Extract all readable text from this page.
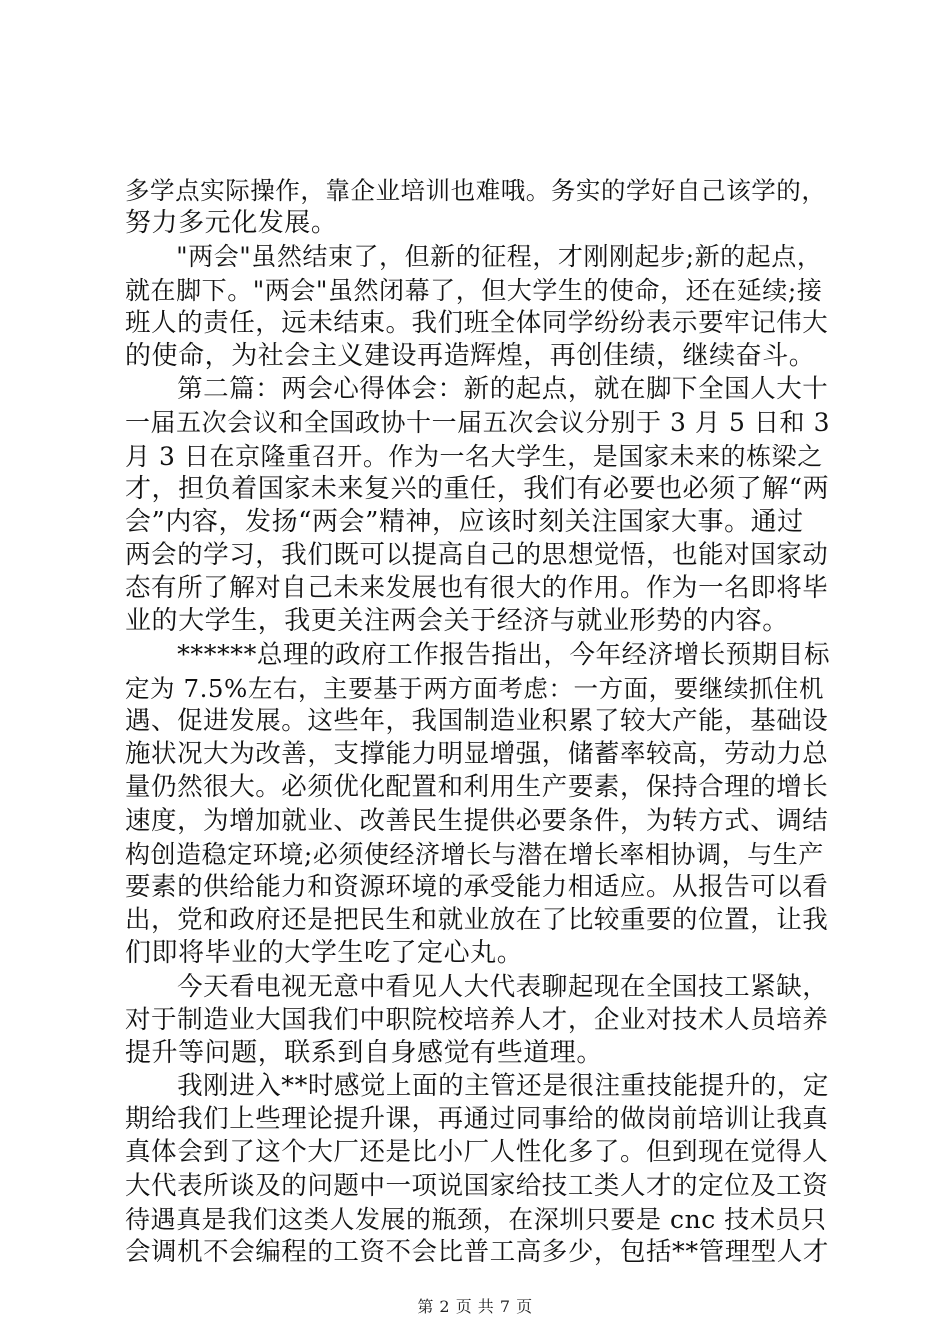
多学点实际操作，靠企业培训也难哦。务实的学好自己该学的，
努力多元化发展。
　　"两会"虽然结束了，但新的征程，才刚刚起步;新的起点，
就在脚下。"两会"虽然闭幕了，但大学生的使命，还在延续;接
班人的责任，远未结束。我们班全体同学纷纷表示要牢记伟大
的使命，为社会主义建设再造辉煌，再创佳绩，继续奋斗。
　　第二篇：两会心得体会：新的起点，就在脚下全国人大十
一届五次会议和全国政协十一届五次会议分别于 3 月 5 日和 3
月 3 日在京隆重召开。作为一名大学生，是国家未来的栋梁之
才，担负着国家未来复兴的重任，我们有必要也必须了解“两
会”内容，发扬“两会”精神，应该时刻关注国家大事。通过
两会的学习，我们既可以提高自己的思想觉悟，也能对国家动
态有所了解对自己未来发展也有很大的作用。作为一名即将毕
业的大学生，我更关注两会关于经济与就业形势的内容。
　　******总理的政府工作报告指出，今年经济增长预期目标
定为 7.5%左右，主要基于两方面考虑：一方面，要继续抓住机
遇、促进发展。这些年，我国制造业积累了较大产能，基础设
施状况大为改善，支撑能力明显增强，储蓄率较高，劳动力总
量仍然很大。必须优化配置和利用生产要素，保持合理的增长
速度，为增加就业、改善民生提供必要条件，为转方式、调结
构创造稳定环境;必须使经济增长与潜在增长率相协调，与生产
要素的供给能力和资源环境的承受能力相适应。从报告可以看
出，党和政府还是把民生和就业放在了比较重要的位置，让我
们即将毕业的大学生吃了定心丸。
　　今天看电视无意中看见人大代表聊起现在全国技工紧缺，
对于制造业大国我们中职院校培养人才，企业对技术人员培养
提升等问题，联系到自身感觉有些道理。
　　我刚进入**时感觉上面的主管还是很注重技能提升的，定
期给我们上些理论提升课，再通过同事给的做岗前培训让我真
真体会到了这个大厂还是比小厂人性化多了。但到现在觉得人
大代表所谈及的问题中一项说国家给技工类人才的定位及工资
待遇真是我们这类人发展的瓶颈，在深圳只要是 cnc 技术员只
会调机不会编程的工资不会比普工高多少，包括**管理型人才
第 2 页 共 7 页
